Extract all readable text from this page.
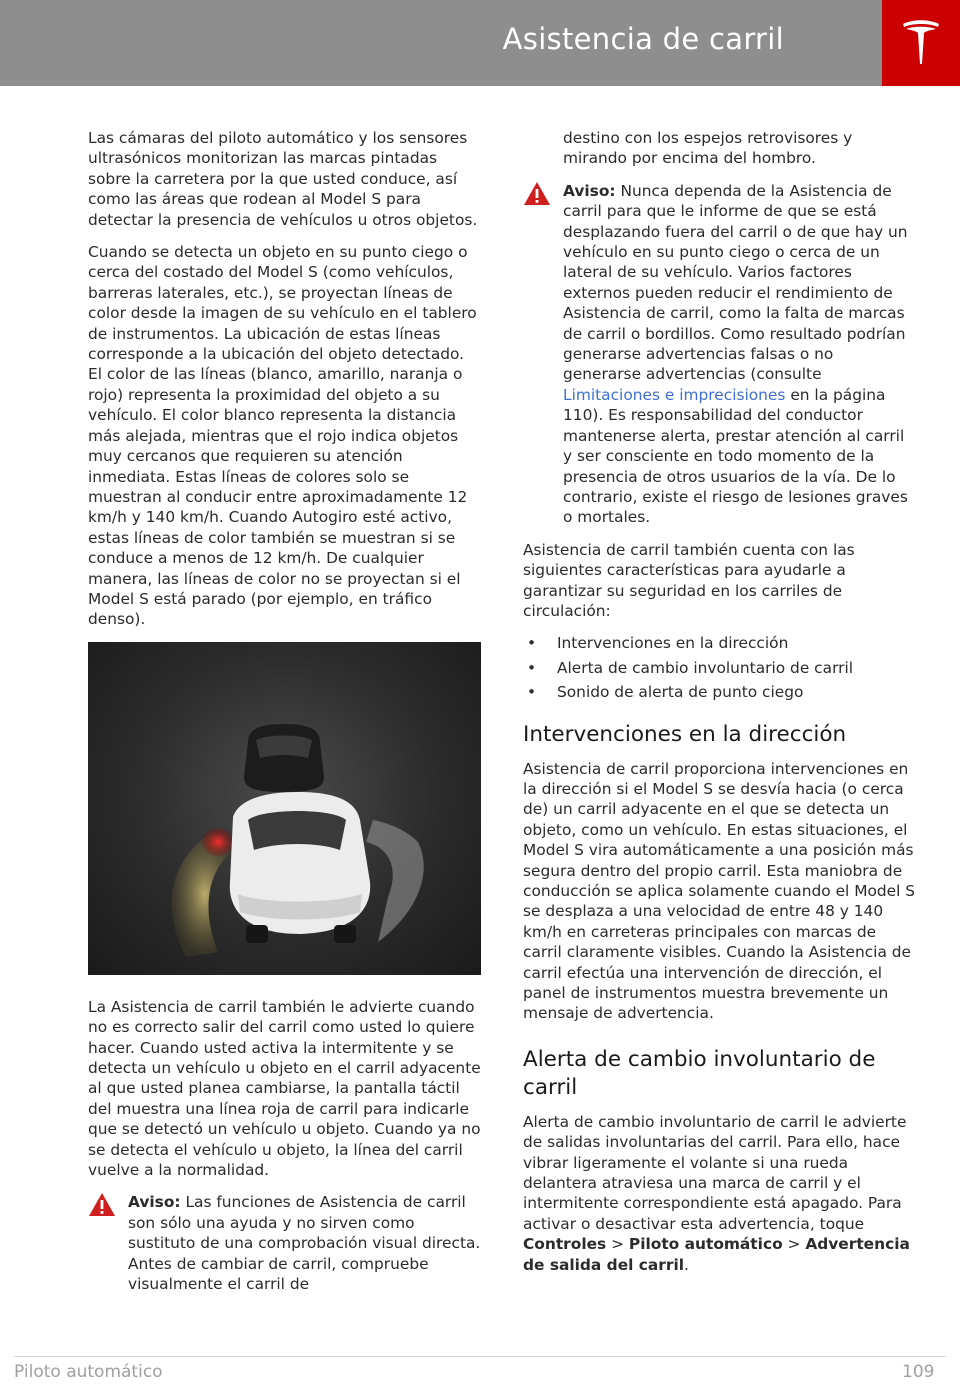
Asistencia de carril

Las cámaras del piloto automático y los sensores ultrasónicos monitorizan las marcas pintadas sobre la carretera por la que usted conduce, así como las áreas que rodean al Model S para detectar la presencia de vehículos u otros objetos.

Cuando se detecta un objeto en su punto ciego o cerca del costado del Model S (como vehículos, barreras laterales, etc.), se proyectan líneas de color desde la imagen de su vehículo en el tablero de instrumentos. La ubicación de estas líneas corresponde a la ubicación del objeto detectado. El color de las líneas (blanco, amarillo, naranja o rojo) representa la proximidad del objeto a su vehículo. El color blanco representa la distancia más alejada, mientras que el rojo indica objetos muy cercanos que requieren su atención inmediata. Estas líneas de colores solo se muestran al conducir entre aproximadamente 12 km/h y 140 km/h. Cuando Autogiro esté activo, estas líneas de color también se muestran si se conduce a menos de 12 km/h. De cualquier manera, las líneas de color no se proyectan si el Model S está parado (por ejemplo, en tráfico denso).

La Asistencia de carril también le advierte cuando no es correcto salir del carril como usted lo quiere hacer. Cuando usted activa la intermitente y se detecta un vehículo u objeto en el carril adyacente al que usted planea cambiarse, la pantalla táctil del muestra una línea roja de carril para indicarle que se detectó un vehículo u objeto. Cuando ya no se detecta el vehículo u objeto, la línea del carril vuelve a la normalidad.

Aviso: Las funciones de Asistencia de carril son sólo una ayuda y no sirven como sustituto de una comprobación visual directa. Antes de cambiar de carril, compruebe visualmente el carril de

destino con los espejos retrovisores y mirando por encima del hombro.

Aviso: Nunca dependa de la Asistencia de carril para que le informe de que se está desplazando fuera del carril o de que hay un vehículo en su punto ciego o cerca de un lateral de su vehículo. Varios factores externos pueden reducir el rendimiento de Asistencia de carril, como la falta de marcas de carril o bordillos. Como resultado podrían generarse advertencias falsas o no generarse advertencias (consulte Limitaciones e imprecisiones en la página 110). Es responsabilidad del conductor mantenerse alerta, prestar atención al carril y ser consciente en todo momento de la presencia de otros usuarios de la vía. De lo contrario, existe el riesgo de lesiones graves o mortales.

Asistencia de carril también cuenta con las siguientes características para ayudarle a garantizar su seguridad en los carriles de circulación:

• Intervenciones en la dirección
• Alerta de cambio involuntario de carril
• Sonido de alerta de punto ciego
Intervenciones en la dirección

Asistencia de carril proporciona intervenciones en la dirección si el Model S se desvía hacia (o cerca de) un carril adyacente en el que se detecta un objeto, como un vehículo. En estas situaciones, el Model S vira automáticamente a una posición más segura dentro del propio carril. Esta maniobra de conducción se aplica solamente cuando el Model S se desplaza a una velocidad de entre 48 y 140 km/h en carreteras principales con marcas de carril claramente visibles. Cuando la Asistencia de carril efectúa una intervención de dirección, el panel de instrumentos muestra brevemente un mensaje de advertencia.

Alerta de cambio involuntario de carril

Alerta de cambio involuntario de carril le advierte de salidas involuntarias del carril. Para ello, hace vibrar ligeramente el volante si una rueda delantera atraviesa una marca de carril y el intermitente correspondiente está apagado. Para activar o desactivar esta advertencia, toque Controles > Piloto automático > Advertencia de salida del carril.

Piloto automático	109
